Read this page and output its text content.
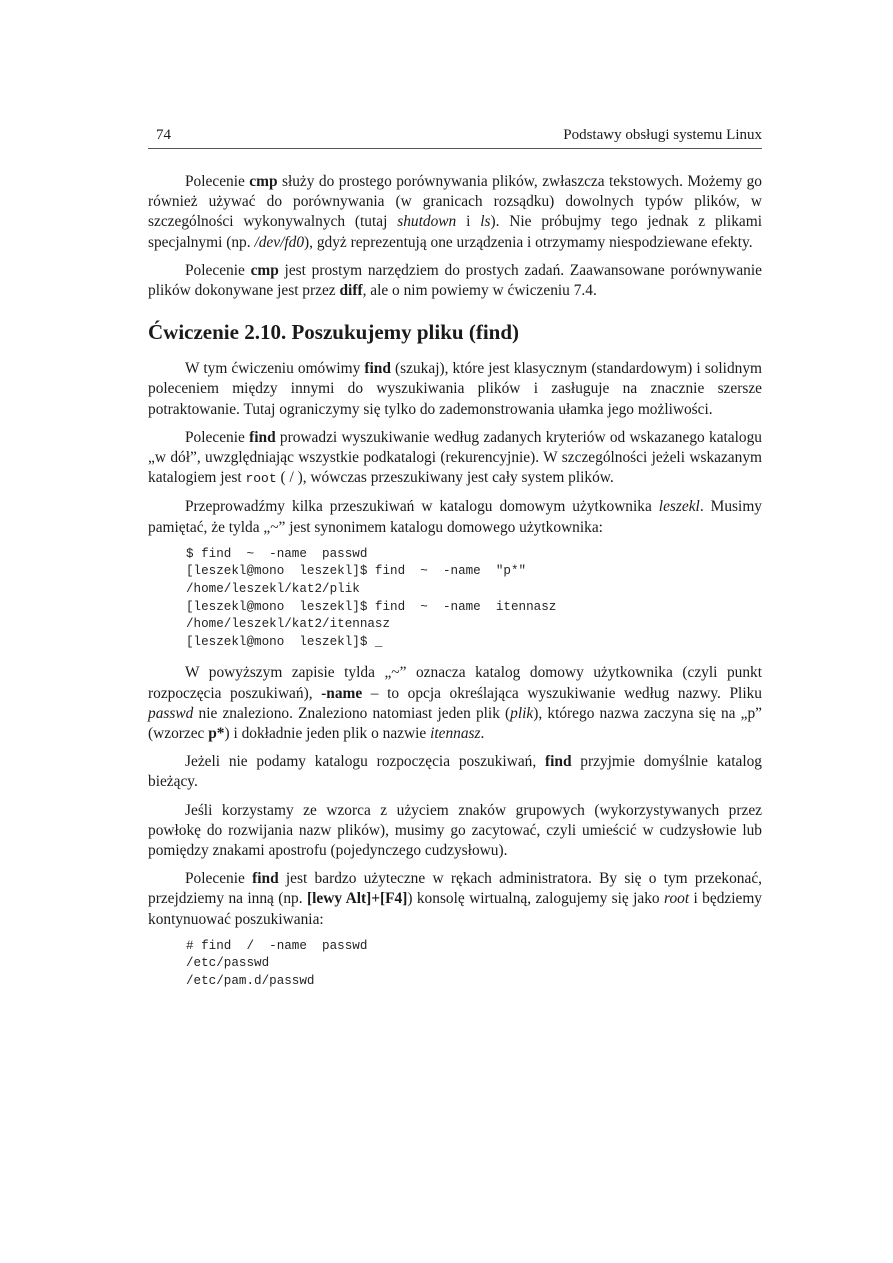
74	Podstawy obsługi systemu Linux

Polecenie cmp służy do prostego porównywania plików, zwłaszcza tekstowych. Możemy go również używać do porównywania (w granicach rozsądku) dowolnych typów plików, w szczególności wykonywalnych (tutaj shutdown i ls). Nie próbujmy tego jednak z plikami specjalnymi (np. /dev/fd0), gdyż reprezentują one urządzenia i otrzymamy niespodziewane efekty.

Polecenie cmp jest prostym narzędziem do prostych zadań. Zaawansowane porównywanie plików dokonywane jest przez diff, ale o nim powiemy w ćwiczeniu 7.4.

Ćwiczenie 2.10. Poszukujemy pliku (find)

W tym ćwiczeniu omówimy find (szukaj), które jest klasycznym (standardowym) i solidnym poleceniem między innymi do wyszukiwania plików i zasługuje na znacznie szersze potraktowanie. Tutaj ograniczymy się tylko do zademonstrowania ułamka jego możliwości.

Polecenie find prowadzi wyszukiwanie według zadanych kryteriów od wskazanego katalogu „w dół”, uwzględniając wszystkie podkatalogi (rekurencyjnie). W szczególności jeżeli wskazanym katalogiem jest root ( / ), wówczas przeszukiwany jest cały system plików.

Przeprowadźmy kilka przeszukiwań w katalogu domowym użytkownika leszekl. Musimy pamiętać, że tylda „~” jest synonimem katalogu domowego użytkownika:

$ find  ~  -name  passwd
[leszekl@mono  leszekl]$ find  ~  -name  "p*"
/home/leszekl/kat2/plik
[leszekl@mono  leszekl]$ find  ~  -name  itennasz
/home/leszekl/kat2/itennasz
[leszekl@mono  leszekl]$ _

W powyższym zapisie tylda „~” oznacza katalog domowy użytkownika (czyli punkt rozpoczęcia poszukiwań), -name – to opcja określająca wyszukiwanie według nazwy. Pliku passwd nie znaleziono. Znaleziono natomiast jeden plik (plik), którego nazwa zaczyna się na „p” (wzorzec p*) i dokładnie jeden plik o nazwie itennasz.

Jeżeli nie podamy katalogu rozpoczęcia poszukiwań, find przyjmie domyślnie katalog bieżący.

Jeśli korzystamy ze wzorca z użyciem znaków grupowych (wykorzystywanych przez powłokę do rozwijania nazw plików), musimy go zacytować, czyli umieścić w cudzysłowie lub pomiędzy znakami apostrofu (pojedynczego cudzysłowu).

Polecenie find jest bardzo użyteczne w rękach administratora. By się o tym przekonać, przejdziemy na inną (np. [lewy Alt]+[F4]) konsolę wirtualną, zalogujemy się jako root i będziemy kontynuować poszukiwania:

# find  /  -name  passwd
/etc/passwd
/etc/pam.d/passwd
